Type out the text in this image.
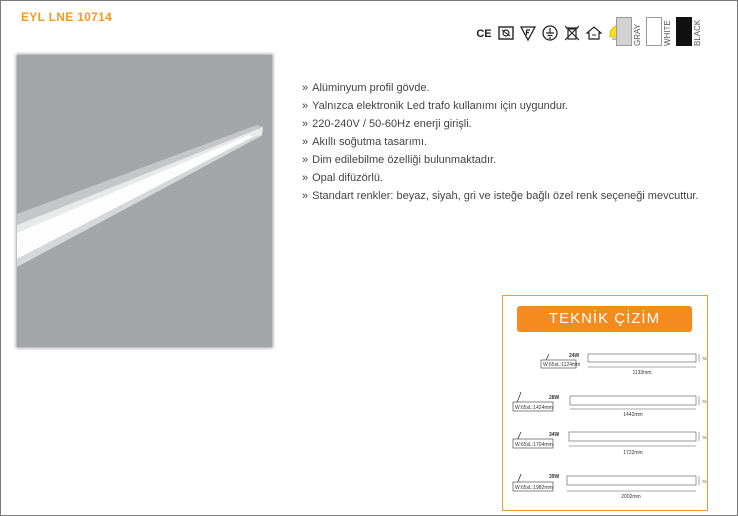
EYL LNE 10714
CE	GRAY	WHITE	BLACK
» Alüminyum profil gövde.
» Yalnızca elektronik Led trafo kullanımı için uygundur.
» 220-240V / 50-60Hz enerji girişli.
» Akıllı soğutma tasarımı.
» Dim edilebilme özelliği bulunmaktadır.
» Opal difüzörlü.
» Standart renkler: beyaz, siyah, gri ve isteğe bağlı özel renk seçeneği mevcuttur.
TEKNİK ÇİZİM
W:65xL:1124mm
24W
1133mm
75
W:65xL:1424mm
28W
1442mm
75
W:65xL:1704mm
34W
1722mm
75
W:65xL:1982mm
39W
2002mm
75
